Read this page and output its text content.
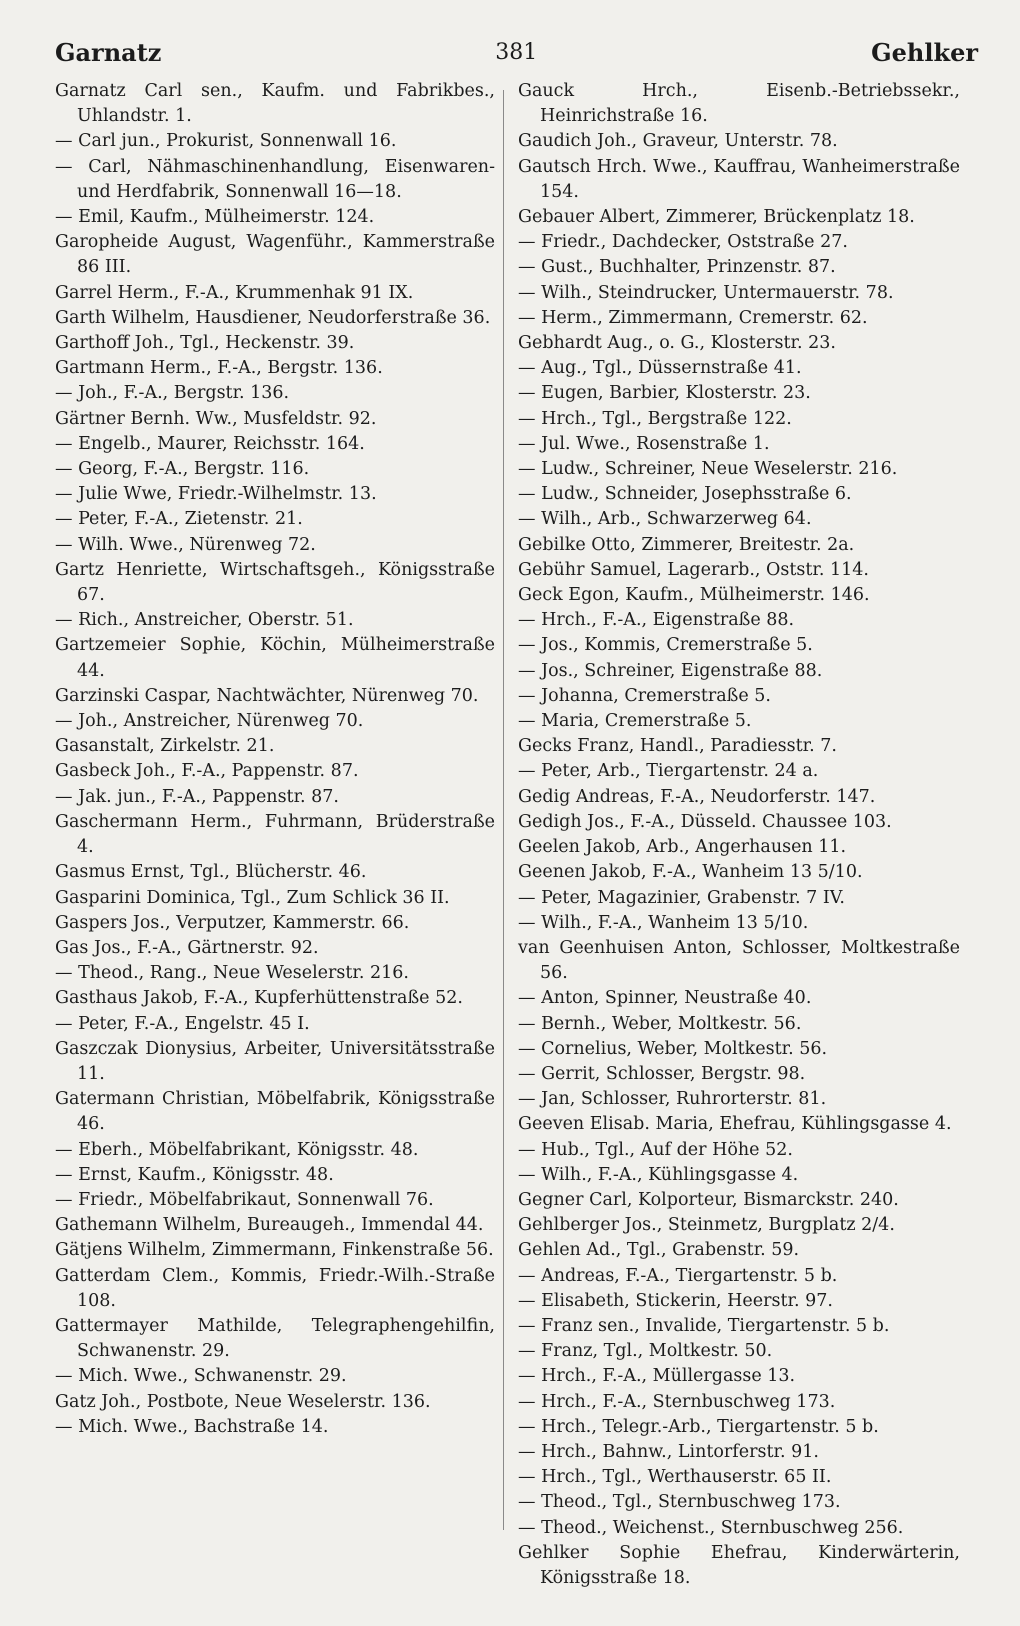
Garnatz	381	Gehlker
Garnatz Carl sen., Kaufm. und Fabrikbes., Uhlandstr. 1.
— Carl jun., Prokurist, Sonnenwall 16.
— Carl, Nähmaschinenhandlung, Eisenwaren- und Herdfabrik, Sonnenwall 16—18.
— Emil, Kaufm., Mülheimerstr. 124.
Garopheide August, Wagenführ., Kammerstraße 86 III.
Garrel Herm., F.-A., Krummenhak 91 IX.
Garth Wilhelm, Hausdiener, Neudorferstraße 36.
Garthoff Joh., Tgl., Heckenstr. 39.
Gartmann Herm., F.-A., Bergstr. 136.
— Joh., F.-A., Bergstr. 136.
Gärtner Bernh. Ww., Musfeldstr. 92.
— Engelb., Maurer, Reichsstr. 164.
— Georg, F.-A., Bergstr. 116.
— Julie Wwe, Friedr.-Wilhelmstr. 13.
— Peter, F.-A., Zietenstr. 21.
— Wilh. Wwe., Nürenweg 72.
Gartz Henriette, Wirtschaftsgeh., Königsstraße 67.
— Rich., Anstreicher, Oberstr. 51.
Gartzemeier Sophie, Köchin, Mülheimerstraße 44.
Garzinski Caspar, Nachtwächter, Nürenweg 70.
— Joh., Anstreicher, Nürenweg 70.
Gasanstalt, Zirkelstr. 21.
Gasbeck Joh., F.-A., Pappenstr. 87.
— Jak. jun., F.-A., Pappenstr. 87.
Gaschermann Herm., Fuhrmann, Brüderstraße 4.
Gasmus Ernst, Tgl., Blücherstr. 46.
Gasparini Dominica, Tgl., Zum Schlick 36 II.
Gaspers Jos., Verputzer, Kammerstr. 66.
Gas Jos., F.-A., Gärtnerstr. 92.
— Theod., Rang., Neue Weselerstr. 216.
Gasthaus Jakob, F.-A., Kupferhüttenstraße 52.
— Peter, F.-A., Engelstr. 45 I.
Gaszczak Dionysius, Arbeiter, Universitätsstraße 11.
Gatermann Christian, Möbelfabrik, Königsstraße 46.
— Eberh., Möbelfabrikant, Königsstr. 48.
— Ernst, Kaufm., Königsstr. 48.
— Friedr., Möbelfabrikaut, Sonnenwall 76.
Gathemann Wilhelm, Bureaugeh., Immendal 44.
Gätjens Wilhelm, Zimmermann, Finkenstraße 56.
Gatterdam Clem., Kommis, Friedr.-Wilh.-Straße 108.
Gattermayer Mathilde, Telegraphengehilfin, Schwanenstr. 29.
— Mich. Wwe., Schwanenstr. 29.
Gatz Joh., Postbote, Neue Weselerstr. 136.
— Mich. Wwe., Bachstraße 14.
Gauck Hrch., Eisenb.-Betriebssekr., Heinrichstraße 16.
Gaudich Joh., Graveur, Unterstr. 78.
Gautsch Hrch. Wwe., Kauffrau, Wanheimerstraße 154.
Gebauer Albert, Zimmerer, Brückenplatz 18.
— Friedr., Dachdecker, Oststraße 27.
— Gust., Buchhalter, Prinzenstr. 87.
— Wilh., Steindrucker, Untermauerstr. 78.
— Herm., Zimmermann, Cremerstr. 62.
Gebhardt Aug., o. G., Klosterstr. 23.
— Aug., Tgl., Düssernstraße 41.
— Eugen, Barbier, Klosterstr. 23.
— Hrch., Tgl., Bergstraße 122.
— Jul. Wwe., Rosenstraße 1.
— Ludw., Schreiner, Neue Weselerstr. 216.
— Ludw., Schneider, Josephsstraße 6.
— Wilh., Arb., Schwarzerweg 64.
Gebilke Otto, Zimmerer, Breitestr. 2a.
Gebühr Samuel, Lagerarb., Oststr. 114.
Geck Egon, Kaufm., Mülheimerstr. 146.
— Hrch., F.-A., Eigenstraße 88.
— Jos., Kommis, Cremerstraße 5.
— Jos., Schreiner, Eigenstraße 88.
— Johanna, Cremerstraße 5.
— Maria, Cremerstraße 5.
Gecks Franz, Handl., Paradiesstr. 7.
— Peter, Arb., Tiergartenstr. 24 a.
Gedig Andreas, F.-A., Neudorferstr. 147.
Gedigh Jos., F.-A., Düsseld. Chaussee 103.
Geelen Jakob, Arb., Angerhausen 11.
Geenen Jakob, F.-A., Wanheim 13 5/10.
— Peter, Magazinier, Grabenstr. 7 IV.
— Wilh., F.-A., Wanheim 13 5/10.
van Geenhuisen Anton, Schlosser, Moltkestraße 56.
— Anton, Spinner, Neustraße 40.
— Bernh., Weber, Moltkestr. 56.
— Cornelius, Weber, Moltkestr. 56.
— Gerrit, Schlosser, Bergstr. 98.
— Jan, Schlosser, Ruhrorterstr. 81.
Geeven Elisab. Maria, Ehefrau, Kühlingsgasse 4.
— Hub., Tgl., Auf der Höhe 52.
— Wilh., F.-A., Kühlingsgasse 4.
Gegner Carl, Kolporteur, Bismarckstr. 240.
Gehlberger Jos., Steinmetz, Burgplatz 2/4.
Gehlen Ad., Tgl., Grabenstr. 59.
— Andreas, F.-A., Tiergartenstr. 5 b.
— Elisabeth, Stickerin, Heerstr. 97.
— Franz sen., Invalide, Tiergartenstr. 5 b.
— Franz, Tgl., Moltkestr. 50.
— Hrch., F.-A., Müllergasse 13.
— Hrch., F.-A., Sternbuschweg 173.
— Hrch., Telegr.-Arb., Tiergartenstr. 5 b.
— Hrch., Bahnw., Lintorferstr. 91.
— Hrch., Tgl., Werthauserstr. 65 II.
— Theod., Tgl., Sternbuschweg 173.
— Theod., Weichenst., Sternbuschweg 256.
Gehlker Sophie Ehefrau, Kinderwärterin, Königsstraße 18.
